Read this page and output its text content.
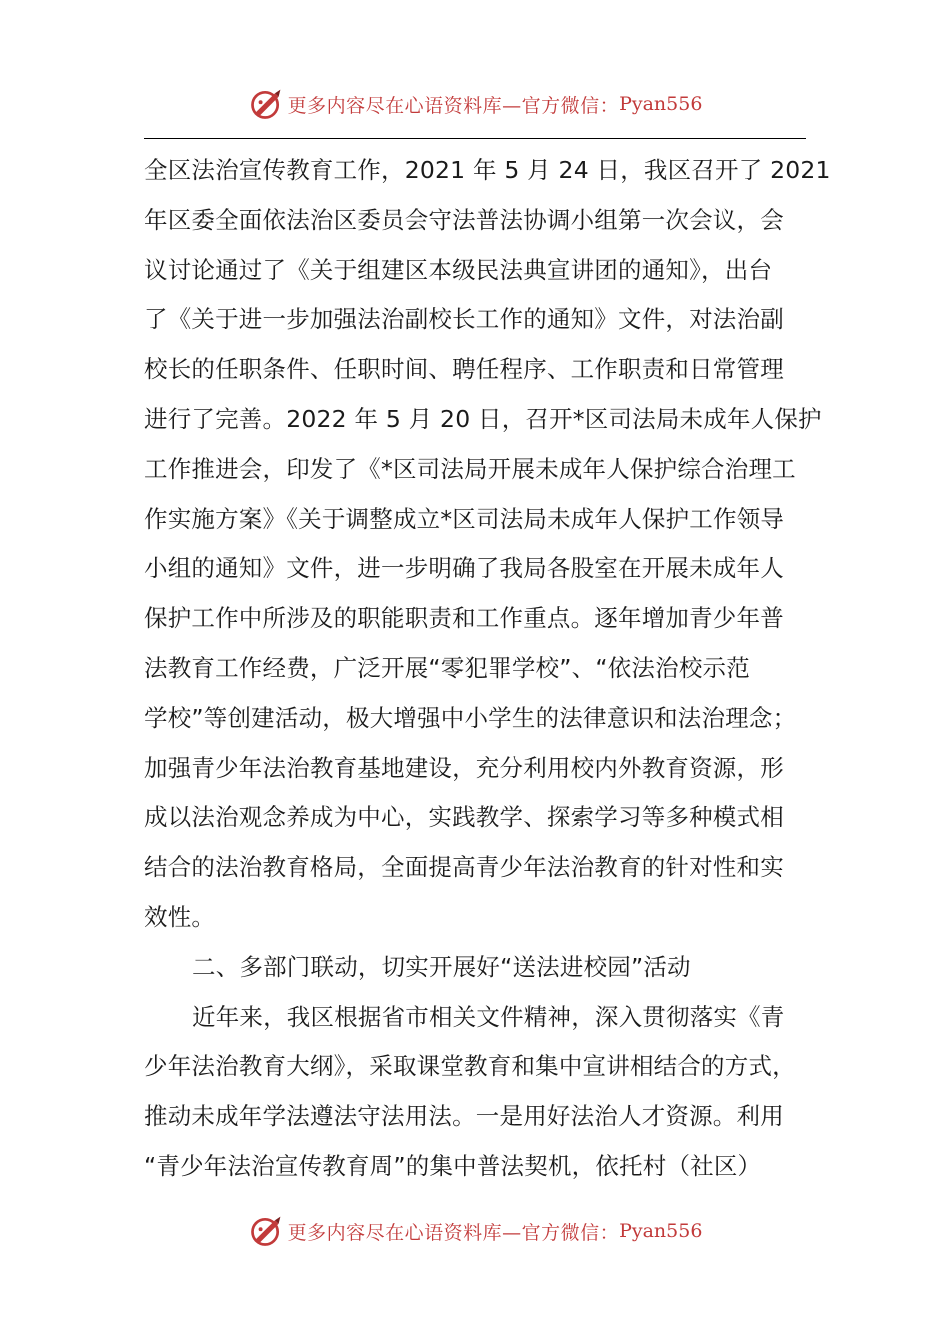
更多内容尽在心语资料库—官方微信： Pyan556
全区法治宣传教育工作，2021 年 5 月 24 日，我区召开了 2021
年区委全面依法治区委员会守法普法协调小组第一次会议，会
议讨论通过了《关于组建区本级民法典宣讲团的通知》，出台
了《关于进一步加强法治副校长工作的通知》文件，对法治副
校长的任职条件、任职时间、聘任程序、工作职责和日常管理
进行了完善。2022 年 5 月 20 日，召开*区司法局未成年人保护
工作推进会，印发了《*区司法局开展未成年人保护综合治理工
作实施方案》《关于调整成立*区司法局未成年人保护工作领导
小组的通知》文件，进一步明确了我局各股室在开展未成年人
保护工作中所涉及的职能职责和工作重点。逐年增加青少年普
法教育工作经费，广泛开展“零犯罪学校”、“依法治校示范
学校”等创建活动，极大增强中小学生的法律意识和法治理念；
加强青少年法治教育基地建设，充分利用校内外教育资源，形
成以法治观念养成为中心，实践教学、探索学习等多种模式相
结合的法治教育格局，全面提高青少年法治教育的针对性和实
效性。
二、多部门联动，切实开展好“送法进校园”活动
近年来，我区根据省市相关文件精神，深入贯彻落实《青
少年法治教育大纲》，采取课堂教育和集中宣讲相结合的方式，
推动未成年学法遵法守法用法。一是用好法治人才资源。利用
“青少年法治宣传教育周”的集中普法契机，依托村（社区）
更多内容尽在心语资料库—官方微信： Pyan556
